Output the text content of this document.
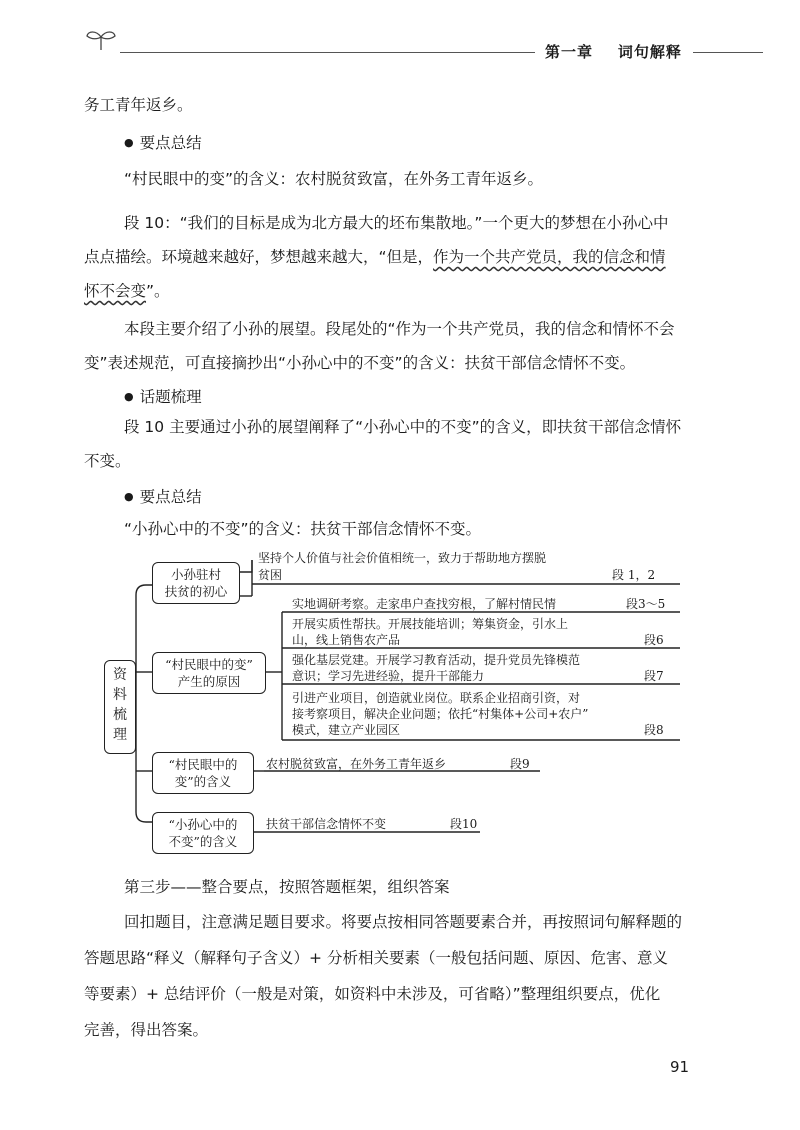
第一章 词句解释
务工青年返乡。
● 要点总结
“村民眼中的变”的含义：农村脱贫致富，在外务工青年返乡。
段 10：“我们的目标是成为北方最大的坯布集散地。”一个更大的梦想在小孙心中
点点描绘。环境越来越好，梦想越来越大，“但是，作为一个共产党员，我的信念和情
怀不会变”。
本段主要介绍了小孙的展望。段尾处的“作为一个共产党员，我的信念和情怀不会
变”表述规范，可直接摘抄出“小孙心中的不变”的含义：扶贫干部信念情怀不变。
● 话题梳理
段 10 主要通过小孙的展望阐释了“小孙心中的不变”的含义，即扶贫干部信念情怀
不变。
● 要点总结
“小孙心中的不变”的含义：扶贫干部信念情怀不变。
资料梳理
小孙驻村
扶贫的初心
坚持个人价值与社会价值相统一，致力于帮助地方摆脱
贫困	段 1，2
“村民眼中的变”
产生的原因
实地调研考察。走家串户查找穷根，了解村情民情	段3～5
开展实质性帮扶。开展技能培训；筹集资金，引水上
山，线上销售农产品	段6
强化基层党建。开展学习教育活动，提升党员先锋模范
意识；学习先进经验，提升干部能力	段7
引进产业项目，创造就业岗位。联系企业招商引资，对
接考察项目，解决企业问题；依托“村集体+公司+农户”
模式，建立产业园区	段8
“村民眼中的
变”的含义
农村脱贫致富，在外务工青年返乡	段9
“小孙心中的
不变”的含义
扶贫干部信念情怀不变	段10
第三步——整合要点，按照答题框架，组织答案
回扣题目，注意满足题目要求。将要点按相同答题要素合并，再按照词句解释题的
答题思路“释义（解释句子含义）+ 分析相关要素（一般包括问题、原因、危害、意义
等要素）+ 总结评价（一般是对策，如资料中未涉及，可省略）”整理组织要点，优化
完善，得出答案。
91
